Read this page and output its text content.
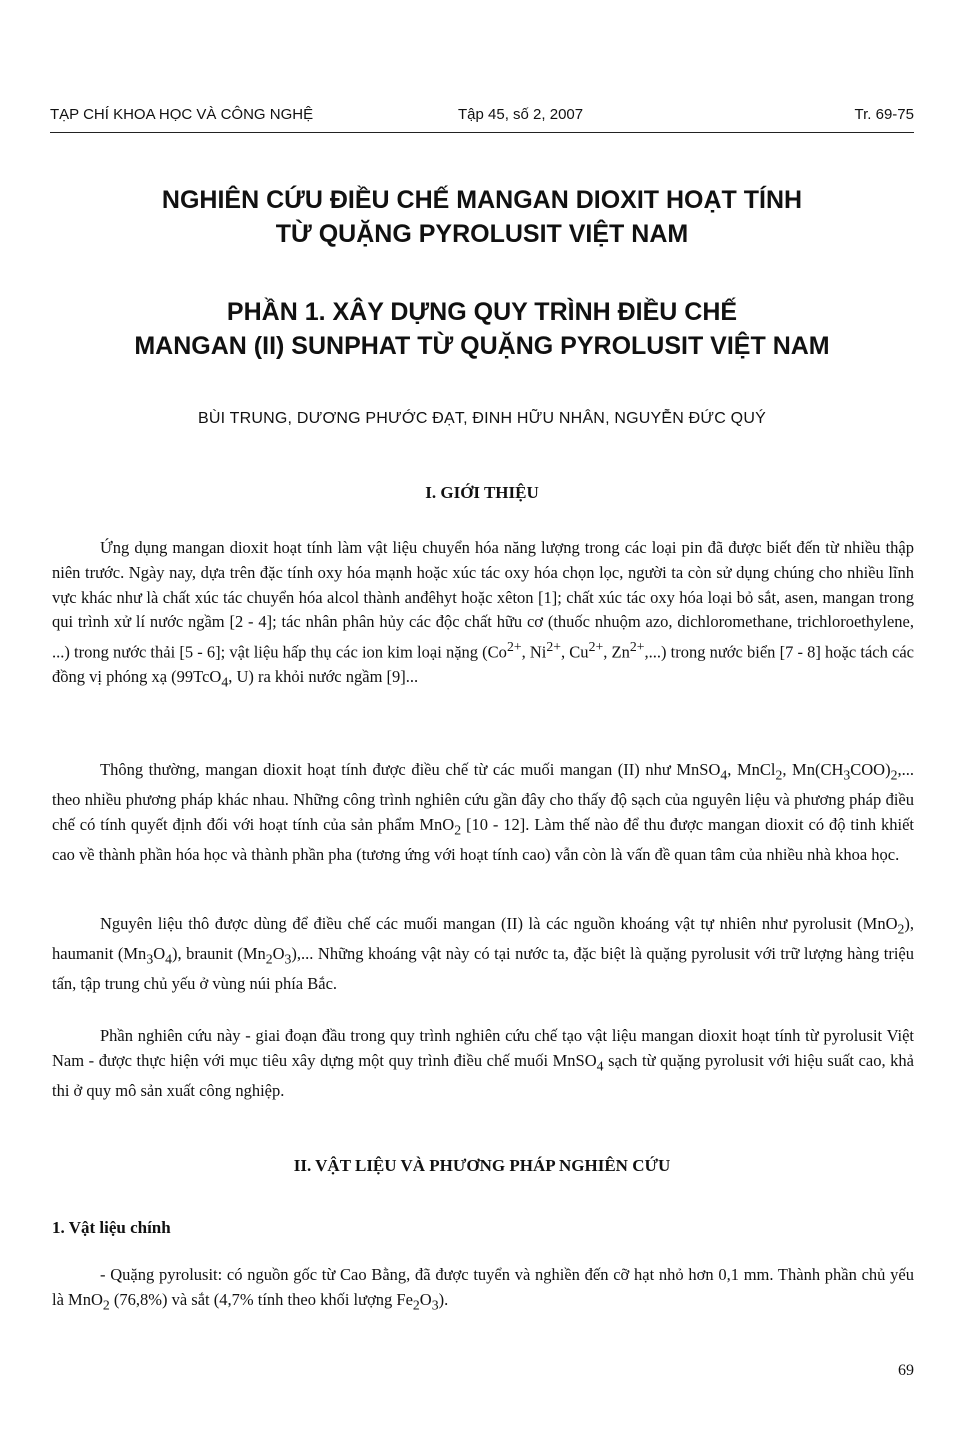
TẠP CHÍ KHOA HỌC VÀ CÔNG NGHỆ	Tập 45, số 2, 2007	Tr. 69-75
NGHIÊN CỨU ĐIỀU CHẾ MANGAN DIOXIT HOẠT TÍNH
TỪ QUẶNG PYROLUSIT VIỆT NAM
PHẦN 1. XÂY DỰNG QUY TRÌNH ĐIỀU CHẾ
MANGAN (II) SUNPHAT TỪ QUẶNG PYROLUSIT VIỆT NAM
BÙI TRUNG, DƯƠNG PHƯỚC ĐẠT, ĐINH HỮU NHÂN, NGUYỄN ĐỨC QUÝ
I. GIỚI THIỆU

Ứng dụng mangan dioxit hoạt tính làm vật liệu chuyển hóa năng lượng trong các loại pin đã được biết đến từ nhiều thập niên trước. Ngày nay, dựa trên đặc tính oxy hóa mạnh hoặc xúc tác oxy hóa chọn lọc, người ta còn sử dụng chúng cho nhiều lĩnh vực khác như là chất xúc tác chuyển hóa alcol thành anđêhyt hoặc xêton [1]; chất xúc tác oxy hóa loại bỏ sắt, asen, mangan trong qui trình xử lí nước ngầm [2 - 4]; tác nhân phân hủy các độc chất hữu cơ (thuốc nhuộm azo, dichloromethane, trichloroethylene, ...) trong nước thải [5 - 6]; vật liệu hấp thụ các ion kim loại nặng ($Co^{2+}$, $Ni^{2+}$, $Cu^{2+}$, $Zn^{2+}$,...) trong nước biển [7 - 8] hoặc tách các đồng vị phóng xạ (99TcO$_4$, U) ra khỏi nước ngầm [9]...

Thông thường, mangan dioxit hoạt tính được điều chế từ các muối mangan (II) như MnSO$_4$, MnCl$_2$, $Mn(CH_3COO)_2$,... theo nhiều phương pháp khác nhau. Những công trình nghiên cứu gần đây cho thấy độ sạch của nguyên liệu và phương pháp điều chế có tính quyết định đối với hoạt tính của sản phẩm MnO$_2$ [10 - 12]. Làm thế nào để thu được mangan dioxit có độ tinh khiết cao về thành phần hóa học và thành phần pha (tương ứng với hoạt tính cao) vẫn còn là vấn đề quan tâm của nhiều nhà khoa học.

Nguyên liệu thô được dùng để điều chế các muối mangan (II) là các nguồn khoáng vật tự nhiên như pyrolusit (MnO$_2$), haumanit $(Mn_3O_4)$, braunit $(Mn_2O_3)$,... Những khoáng vật này có tại nước ta, đặc biệt là quặng pyrolusit với trữ lượng hàng triệu tấn, tập trung chủ yếu ở vùng núi phía Bắc.

Phần nghiên cứu này - giai đoạn đầu trong quy trình nghiên cứu chế tạo vật liệu mangan dioxit hoạt tính từ pyrolusit Việt Nam - được thực hiện với mục tiêu xây dựng một quy trình điều chế muối MnSO$_4$ sạch từ quặng pyrolusit với hiệu suất cao, khả thi ở quy mô sản xuất công nghiệp.

II. VẬT LIỆU VÀ PHƯƠNG PHÁP NGHIÊN CỨU
1. Vật liệu chính

- Quặng pyrolusit: có nguồn gốc từ Cao Bằng, đã được tuyển và nghiền đến cỡ hạt nhỏ hơn 0,1 mm. Thành phần chủ yếu là MnO$_2$ (76,8%) và sắt (4,7% tính theo khối lượng $Fe_2O_3$).

69
